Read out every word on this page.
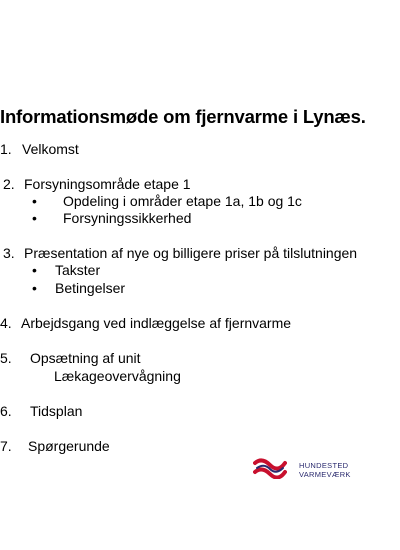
Informationsmøde om fjernvarme i Lynæs.
1. Velkomst
2. Forsyningsområde etape 1
• Opdeling i områder etape 1a, 1b og 1c
• Forsyningssikkerhed
3. Præsentation af nye og billigere priser på tilslutningen
• Takster
• Betingelser
4. Arbejdsgang ved indlæggelse af fjernvarme
5. Opsætning af unit
Lækageovervågning
6. Tidsplan
7. Spørgerunde
HUNDESTED
VARMEVÆRK
